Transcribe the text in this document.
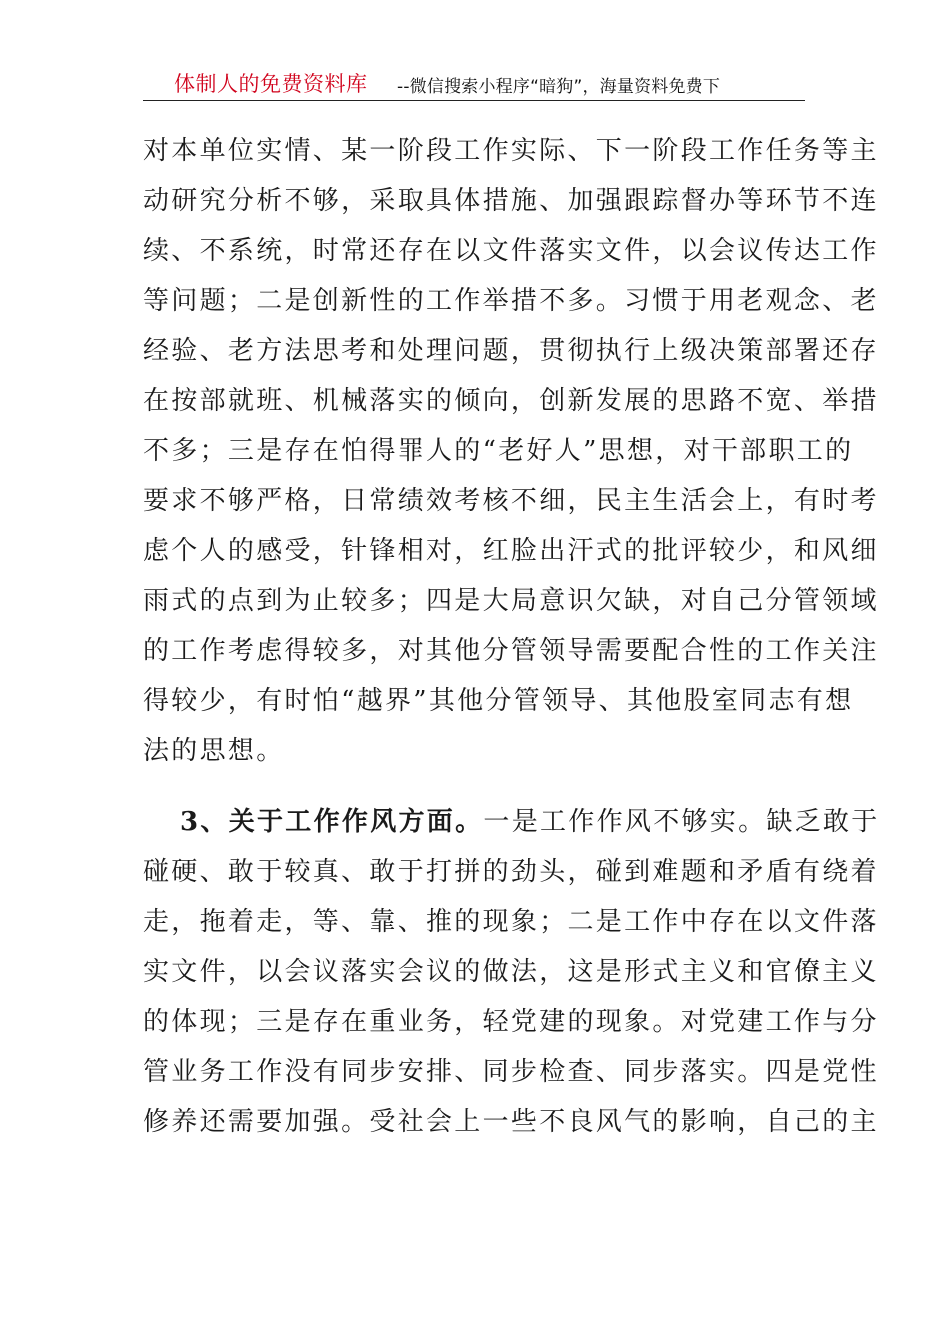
体制人的免费资料库 --微信搜索小程序“暗狗”，海量资料免费下
对本单位实情、某一阶段工作实际、下一阶段工作任务等主
动研究分析不够，采取具体措施、加强跟踪督办等环节不连
续、不系统，时常还存在以文件落实文件，以会议传达工作
等问题；二是创新性的工作举措不多。习惯于用老观念、老
经验、老方法思考和处理问题，贯彻执行上级决策部署还存
在按部就班、机械落实的倾向，创新发展的思路不宽、举措
不多；三是存在怕得罪人的“老好人”思想，对干部职工的
要求不够严格，日常绩效考核不细，民主生活会上，有时考
虑个人的感受，针锋相对，红脸出汗式的批评较少，和风细
雨式的点到为止较多；四是大局意识欠缺，对自己分管领域
的工作考虑得较多，对其他分管领导需要配合性的工作关注
得较少，有时怕“越界”其他分管领导、其他股室同志有想
法的思想。
3、关于工作作风方面。一是工作作风不够实。缺乏敢于
碰硬、敢于较真、敢于打拼的劲头，碰到难题和矛盾有绕着
走，拖着走，等、靠、推的现象；二是工作中存在以文件落
实文件，以会议落实会议的做法，这是形式主义和官僚主义
的体现；三是存在重业务，轻党建的现象。对党建工作与分
管业务工作没有同步安排、同步检查、同步落实。四是党性
修养还需要加强。受社会上一些不良风气的影响，自己的主
